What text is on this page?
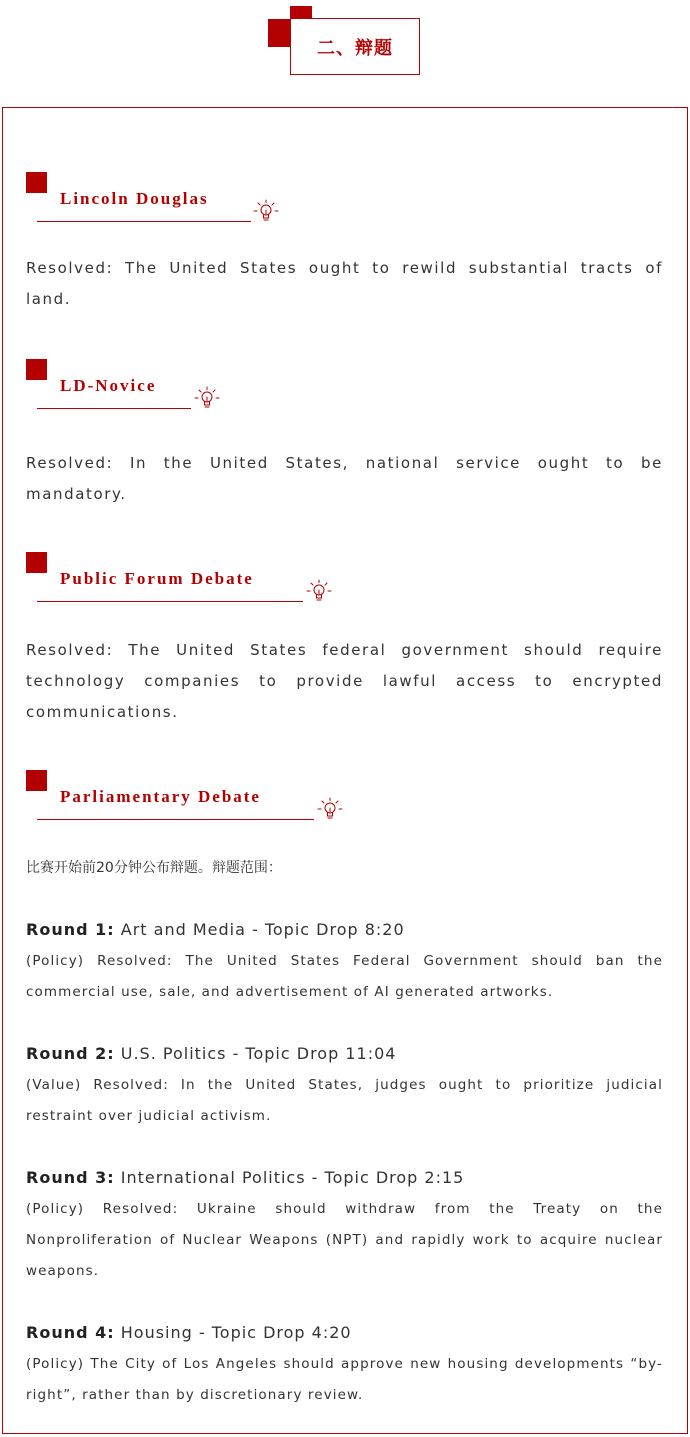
二、辩题
Lincoln Douglas

Resolved: The United States ought to rewild substantial tracts of land.

LD-Novice

Resolved: In the United States, national service ought to be mandatory.

Public Forum Debate

Resolved: The United States federal government should require technology companies to provide lawful access to encrypted communications.

Parliamentary Debate

比赛开始前20分钟公布辩题。辩题范围：

Round 1: Art and Media - Topic Drop 8:20

(Policy) Resolved: The United States Federal Government should ban the commercial use, sale, and advertisement of AI generated artworks.

Round 2: U.S. Politics - Topic Drop 11:04

(Value) Resolved: In the United States, judges ought to prioritize judicial restraint over judicial activism.

Round 3: International Politics - Topic Drop 2:15

(Policy) Resolved: Ukraine should withdraw from the Treaty on the Nonproliferation of Nuclear Weapons (NPT) and rapidly work to acquire nuclear weapons.

Round 4: Housing - Topic Drop 4:20

(Policy) The City of Los Angeles should approve new housing developments “by-right”, rather than by discretionary review.
